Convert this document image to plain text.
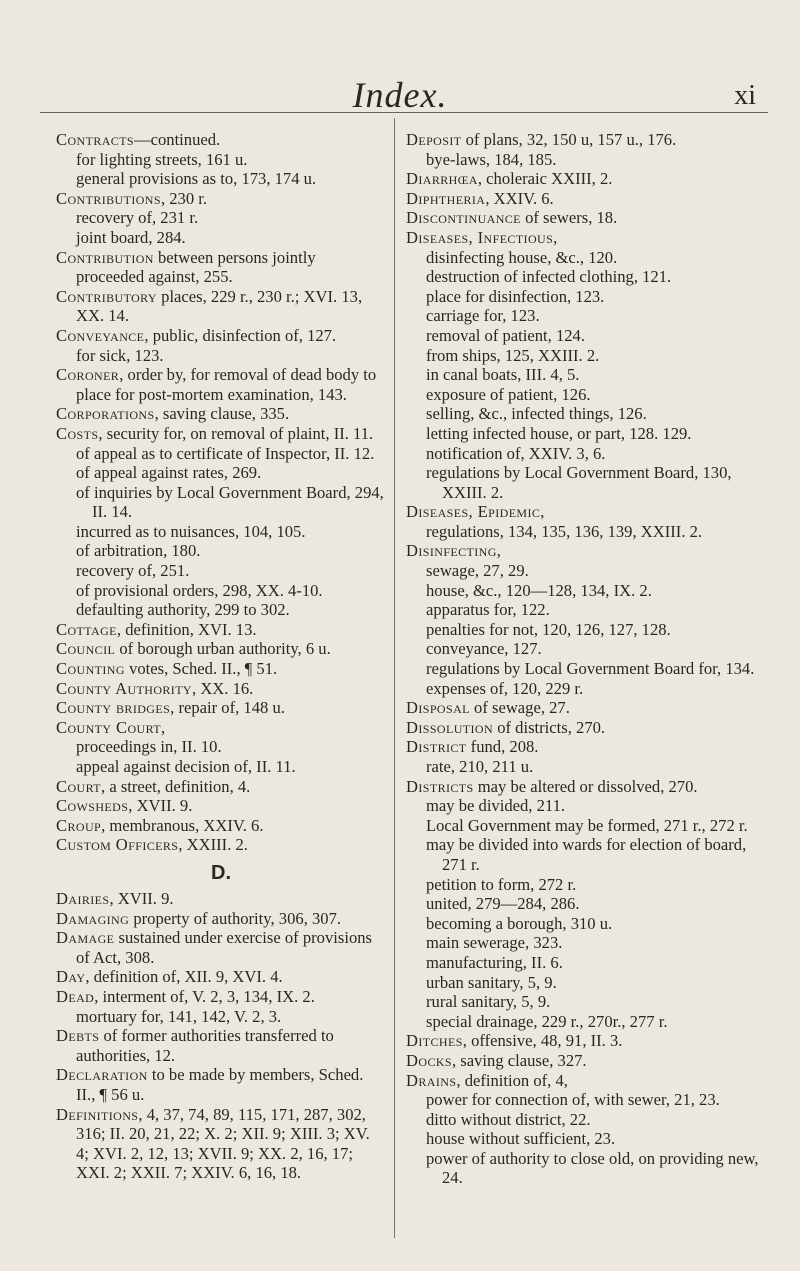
Index.	xi

Contracts—continued.

for lighting streets, 161 u.

general provisions as to, 173, 174 u.

Contributions, 230 r.

recovery of, 231 r.

joint board, 284.

Contribution between persons jointly proceeded against, 255.

Contributory places, 229 r., 230 r.; XVI. 13, XX. 14.

Conveyance, public, disinfection of, 127.

for sick, 123.

Coroner, order by, for removal of dead body to place for post-mortem examination, 143.

Corporations, saving clause, 335.

Costs, security for, on removal of plaint, II. 11.

of appeal as to certificate of Inspector, II. 12.

of appeal against rates, 269.

of inquiries by Local Government Board, 294, II. 14.

incurred as to nuisances, 104, 105.

of arbitration, 180.

recovery of, 251.

of provisional orders, 298, XX. 4-10.

defaulting authority, 299 to 302.

Cottage, definition, XVI. 13.

Council of borough urban authority, 6 u.

Counting votes, Sched. II., ¶ 51.

County Authority, XX. 16.

County bridges, repair of, 148 u.

County Court,

proceedings in, II. 10.

appeal against decision of, II. 11.

Court, a street, definition, 4.

Cowsheds, XVII. 9.

Croup, membranous, XXIV. 6.

Custom Officers, XXIII. 2.

D.

Dairies, XVII. 9.

Damaging property of authority, 306, 307.

Damage sustained under exercise of provisions of Act, 308.

Day, definition of, XII. 9, XVI. 4.

Dead, interment of, V. 2, 3, 134, IX. 2.

mortuary for, 141, 142, V. 2, 3.

Debts of former authorities transferred to authorities, 12.

Declaration to be made by members, Sched. II., ¶ 56 u.

Definitions, 4, 37, 74, 89, 115, 171, 287, 302, 316; II. 20, 21, 22; X. 2; XII. 9; XIII. 3; XV. 4; XVI. 2, 12, 13; XVII. 9; XX. 2, 16, 17; XXI. 2; XXII. 7; XXIV. 6, 16, 18.

Deposit of plans, 32, 150 u, 157 u., 176.

bye-laws, 184, 185.

Diarrhœa, choleraic XXIII, 2.

Diphtheria, XXIV. 6.

Discontinuance of sewers, 18.

Diseases, Infectious,

disinfecting house, &c., 120.

destruction of infected clothing, 121.

place for disinfection, 123.

carriage for, 123.

removal of patient, 124.

from ships, 125, XXIII. 2.

in canal boats, III. 4, 5.

exposure of patient, 126.

selling, &c., infected things, 126.

letting infected house, or part, 128. 129.

notification of, XXIV. 3, 6.

regulations by Local Government Board, 130, XXIII. 2.

Diseases, Epidemic,

regulations, 134, 135, 136, 139, XXIII. 2.

Disinfecting,

sewage, 27, 29.

house, &c., 120—128, 134, IX. 2.

apparatus for, 122.

penalties for not, 120, 126, 127, 128.

conveyance, 127.

regulations by Local Government Board for, 134.

expenses of, 120, 229 r.

Disposal of sewage, 27.

Dissolution of districts, 270.

District fund, 208.

rate, 210, 211 u.

Districts may be altered or dissolved, 270.

may be divided, 211.

Local Government may be formed, 271 r., 272 r.

may be divided into wards for election of board, 271 r.

petition to form, 272 r.

united, 279—284, 286.

becoming a borough, 310 u.

main sewerage, 323.

manufacturing, II. 6.

urban sanitary, 5, 9.

rural sanitary, 5, 9.

special drainage, 229 r., 270r., 277 r.

Ditches, offensive, 48, 91, II. 3.

Docks, saving clause, 327.

Drains, definition of, 4,

power for connection of, with sewer, 21, 23.

ditto without district, 22.

house without sufficient, 23.

power of authority to close old, on providing new, 24.
